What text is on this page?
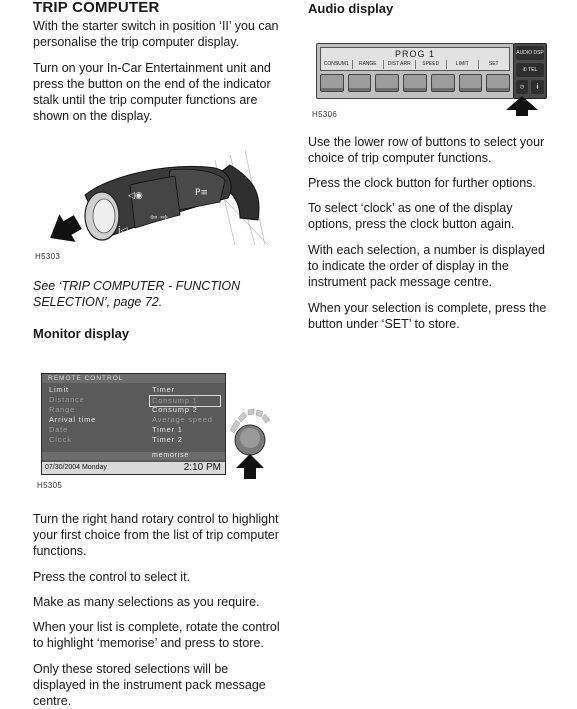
TRIP COMPUTER

With the starter switch in position ‘II’ you can personalise the trip computer display.

Turn on your In-Car Entertainment unit and press the button on the end of the indicator stalk until the trip computer functions are shown on the display.

H5303

See ‘TRIP COMPUTER - FUNCTION SELECTION’, page 72.

Monitor display
H5305

Turn the right hand rotary control to highlight your first choice from the list of trip computer functions.

Press the control to select it.

Make as many selections as you require.

When your list is complete, rotate the control to highlight ‘memorise’ and press to store.

Only these stored selections will be displayed in the instrument pack message centre.

◁◉
ⅰ◁
⇦ ⇨
P≡
REMOTE CONTROL
Limit
Distance
Range
Arrival time
Date
Clock
Timer
Consump 1
Consump 2
Average speed
Timer 1
Timer 2
memorise
07/30/2004 Monday	2:10 PM
Audio display
H5306

Use the lower row of buttons to select your choice of trip computer functions.

Press the clock button for further options.

To select ‘clock’ as one of the display options, press the clock button again.

With each selection, a number is displayed to indicate the order of display in the instrument pack message centre.

When your selection is complete, press the button under ‘SET’ to store.

PROG 1
CONSUM1	RANGE	DIST ARR	SPEED	LIMIT	SET
AUDIO DSP
✆ TEL
◷	i
